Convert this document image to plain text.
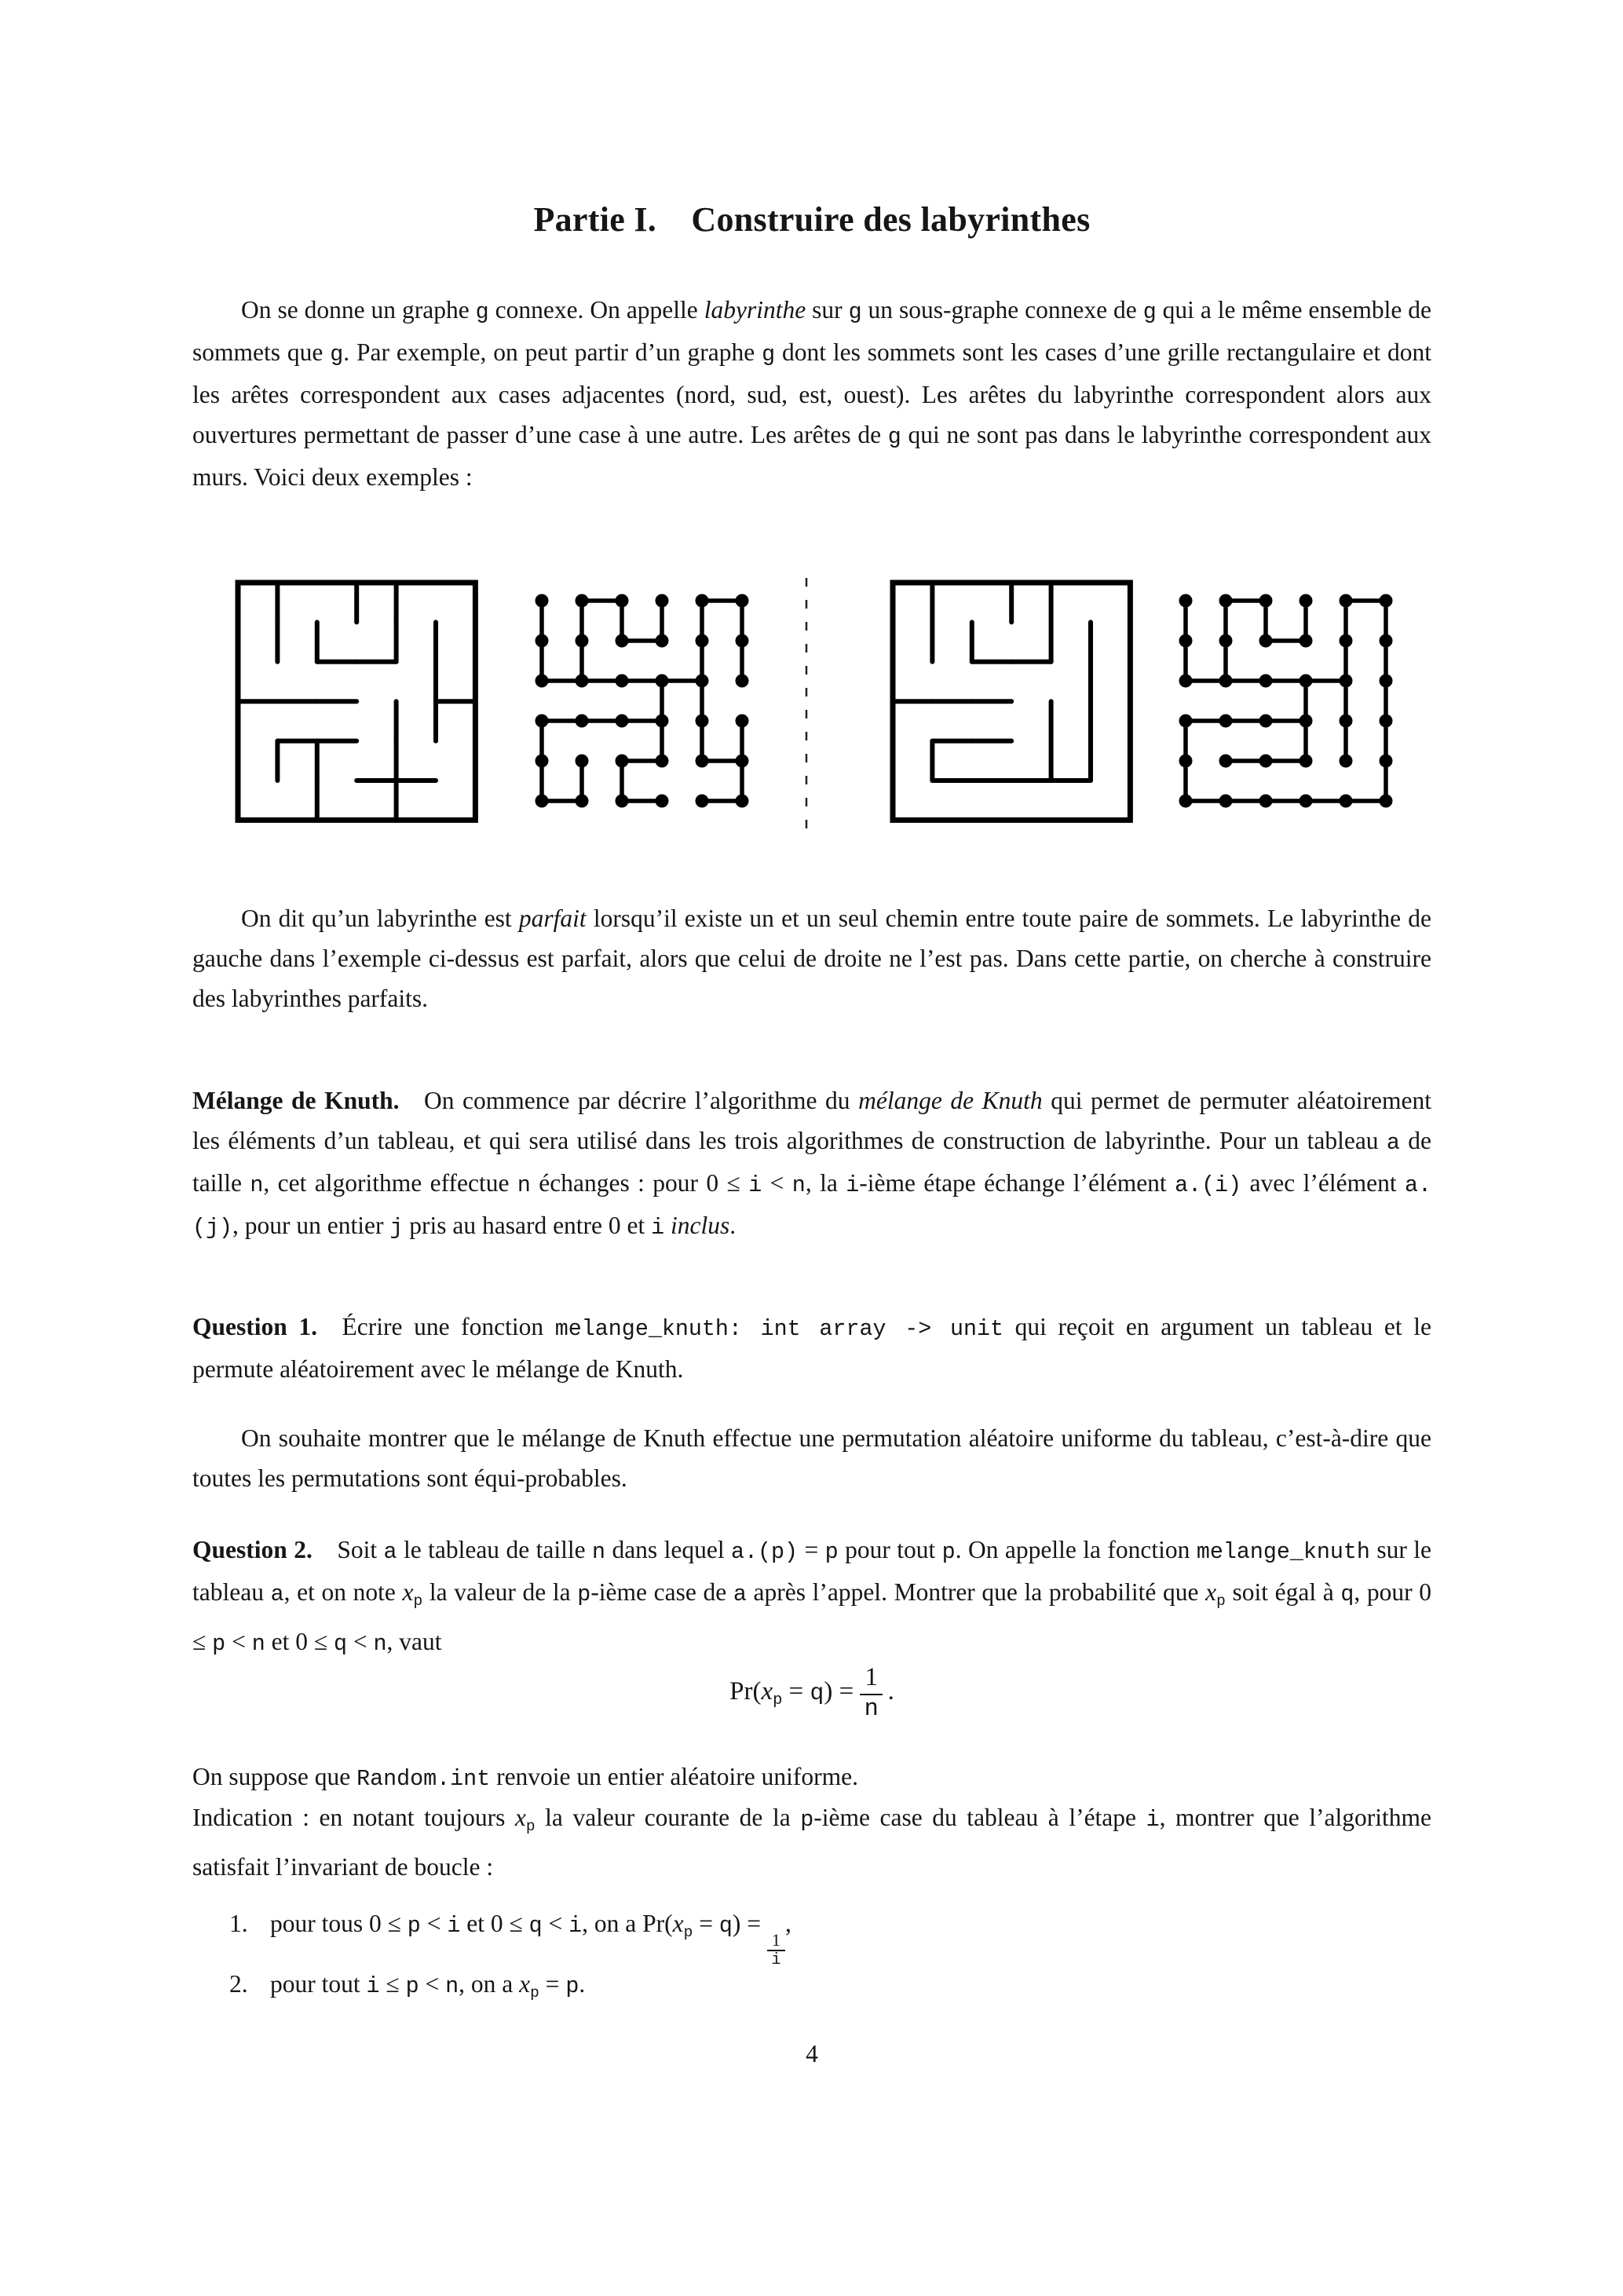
Partie I. Construire des labyrinthes
On se donne un graphe g connexe. On appelle labyrinthe sur g un sous-graphe connexe de g qui a le même ensemble de sommets que g. Par exemple, on peut partir d’un graphe g dont les sommets sont les cases d’une grille rectangulaire et dont les arêtes correspondent aux cases adjacentes (nord, sud, est, ouest). Les arêtes du labyrinthe correspondent alors aux ouvertures permettant de passer d’une case à une autre. Les arêtes de g qui ne sont pas dans le labyrinthe correspondent aux murs. Voici deux exemples :
On dit qu’un labyrinthe est parfait lorsqu’il existe un et un seul chemin entre toute paire de sommets. Le labyrinthe de gauche dans l’exemple ci-dessus est parfait, alors que celui de droite ne l’est pas. Dans cette partie, on cherche à construire des labyrinthes parfaits.
Mélange de Knuth. On commence par décrire l’algorithme du mélange de Knuth qui permet de permuter aléatoirement les éléments d’un tableau, et qui sera utilisé dans les trois algorithmes de construction de labyrinthe. Pour un tableau a de taille n, cet algorithme effectue n échanges : pour 0 ≤ i < n, la i-ième étape échange l’élément a.(i) avec l’élément a.(j), pour un entier j pris au hasard entre 0 et i inclus.
Question 1. Écrire une fonction melange_knuth: int array -> unit qui reçoit en argument un tableau et le permute aléatoirement avec le mélange de Knuth.
On souhaite montrer que le mélange de Knuth effectue une permutation aléatoire uniforme du tableau, c’est-à-dire que toutes les permutations sont équi-probables.
Question 2. Soit a le tableau de taille n dans lequel a.(p) = p pour tout p. On appelle la fonction melange_knuth sur le tableau a, et on note xp la valeur de la p-ième case de a après l’appel. Montrer que la probabilité que xp soit égal à q, pour 0 ≤ p < n et 0 ≤ q < n, vaut
$Pr(xp = q) = \frac{1}{n}$  .
On suppose que Random.int renvoie un entier aléatoire uniforme.
Indication : en notant toujours xp la valeur courante de la p-ième case du tableau à l’étape i, montrer que l’algorithme satisfait l’invariant de boucle :
1. pour tous 0 ≤ p < i et 0 ≤ q < i, on a Pr(xp = q) =
$\frac{1}{i}$
,
2. pour tout i ≤ p < n, on a xp = p.
4
